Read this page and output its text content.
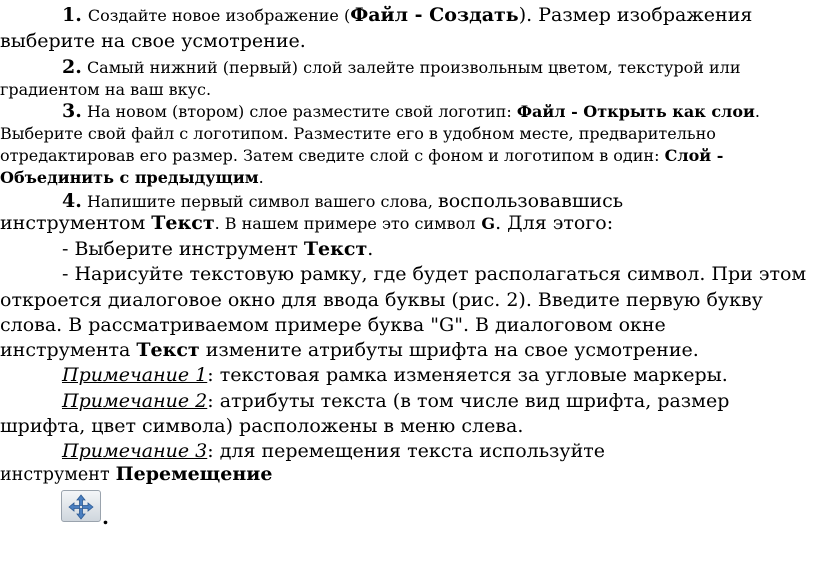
1. Создайте новое изображение (Файл - Создать). Размер изображения
выберите на свое усмотрение.
2. Самый нижний (первый) слой залейте произвольным цветом, текстурой или
градиентом на ваш вкус.
3. На новом (втором) слое разместите свой логотип: Файл - Открыть как слои.
Выберите свой файл с логотипом. Разместите его в удобном месте, предварительно
отредактировав его размер. Затем сведите слой с фоном и логотипом в один: Слой -
Объединить с предыдущим.
4. Напишите первый символ вашего слова, воспользовавшись
инструментом Текст. В нашем примере это символ G. Для этого:
- Выберите инструмент Текст.
- Нарисуйте текстовую рамку, где будет располагаться символ. При этом
откроется диалоговое окно для ввода буквы (рис. 2). Введите первую букву
слова. В рассматриваемом примере буква "G". В диалоговом окне
инструмента Текст измените атрибуты шрифта на свое усмотрение.
Примечание 1: текстовая рамка изменяется за угловые маркеры.
Примечание 2: атрибуты текста (в том числе вид шрифта, размер
шрифта, цвет символа) расположены в меню слева.
Примечание 3: для перемещения текста используйте
инструмент Перемещение
.
